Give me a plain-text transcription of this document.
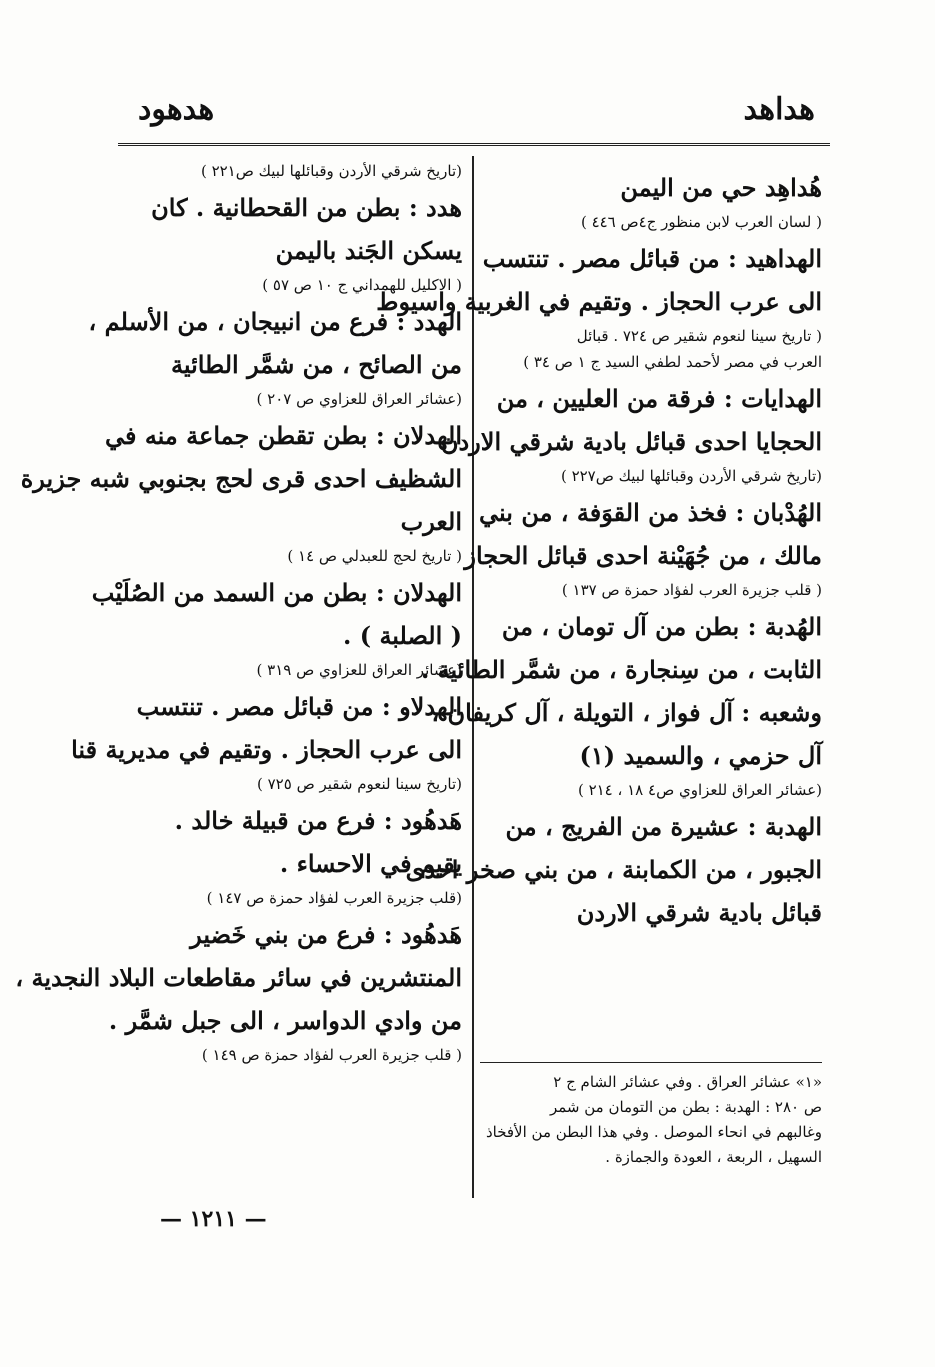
هداهد
هدهود

هُداهِد حي من اليمن

( لسان العرب لابن منظور ج٤ص ٤٤٦ )

الهداهيد : من قبائل مصر . تنتسب

الى عرب الحجاز . وتقيم في الغربية واسيوط

( تاريخ سينا لنعوم شقير ص ٧٢٤ . قبائل

العرب في مصر لأحمد لطفي السيد ج ١ ص ٣٤ )

الهدايات : فرقة من العليين ، من

الحجايا احدى قبائل بادية شرقي الاردن

(تاريخ شرقي الأردن وقبائلها لبيك ص٢٢٧ )

الهُدْبان : فخذ من القوَفة ، من بني

مالك ، من جُهَيْنة احدى قبائل الحجاز

( قلب جزيرة العرب لفؤاد حمزة ص ١٣٧ )

الهُدبة : بطن من آل تومان ، من

الثابت ، من سِنجارة ، من شمَّر الطائية .

وشعبه : آل فواز ، التويلة ، آل كريفان ،

آل حزمي ، والسميد (١)

(عشائر العراق للعزاوي ص٤ ١٨ ، ٢١٤ )

الهدبة : عشيرة من الفريج ، من

الجبور ، من الكمابنة ، من بني صخر احدى

قبائل بادية شرقي الاردن

(تاريخ شرقي الأردن وقبائلها لبيك ص٢٢١ )

هدد : بطن من القحطانية . كان

يسكن الجَند باليمن

( الاكليل للهمداني ج ١٠ ص ٥٧ )

الهدد : فرع من انبيجان ، من الأسلم ،

من الصائح ، من شمَّر الطائية

(عشائر العراق للعزاوي ص ٢٠٧ )

الهدلان : بطن تقطن جماعة منه في

الشظيف احدى قرى لحج بجنوبي شبه جزيرة

العرب

( تاريخ لحج للعبدلي ص ١٤ )

الهدلان : بطن من السمد من الصُلَيْب

( الصلبة ) .

(عشائر العراق للعزاوي ص ٣١٩ )

الهدلاو : من قبائل مصر . تنتسب

الى عرب الحجاز . وتقيم في مديرية قنا

(تاريخ سينا لنعوم شقير ص ٧٢٥ )

هَدهُود : فرع من قبيلة خالد .

يقيم في الاحساء .

(قلب جزيرة العرب لفؤاد حمزة ص ١٤٧ )

هَدهُود : فرع من بني خَضير

المنتشرين في سائر مقاطعات البلاد النجدية ،

من وادي الدواسر ، الى جبل شمَّر .

( قلب جزيرة العرب لفؤاد حمزة ص ١٤٩ )

«١» عشائر العراق . وفي عشائر الشام ج ٢

ص ٢٨٠ : الهدبة : بطن من التومان من شمر

وغالبهم في انحاء الموصل . وفي هذا البطن من الأفخاذ

السهيل ، الربعة ، العودة والجمازة .

— ١٢١١ —
